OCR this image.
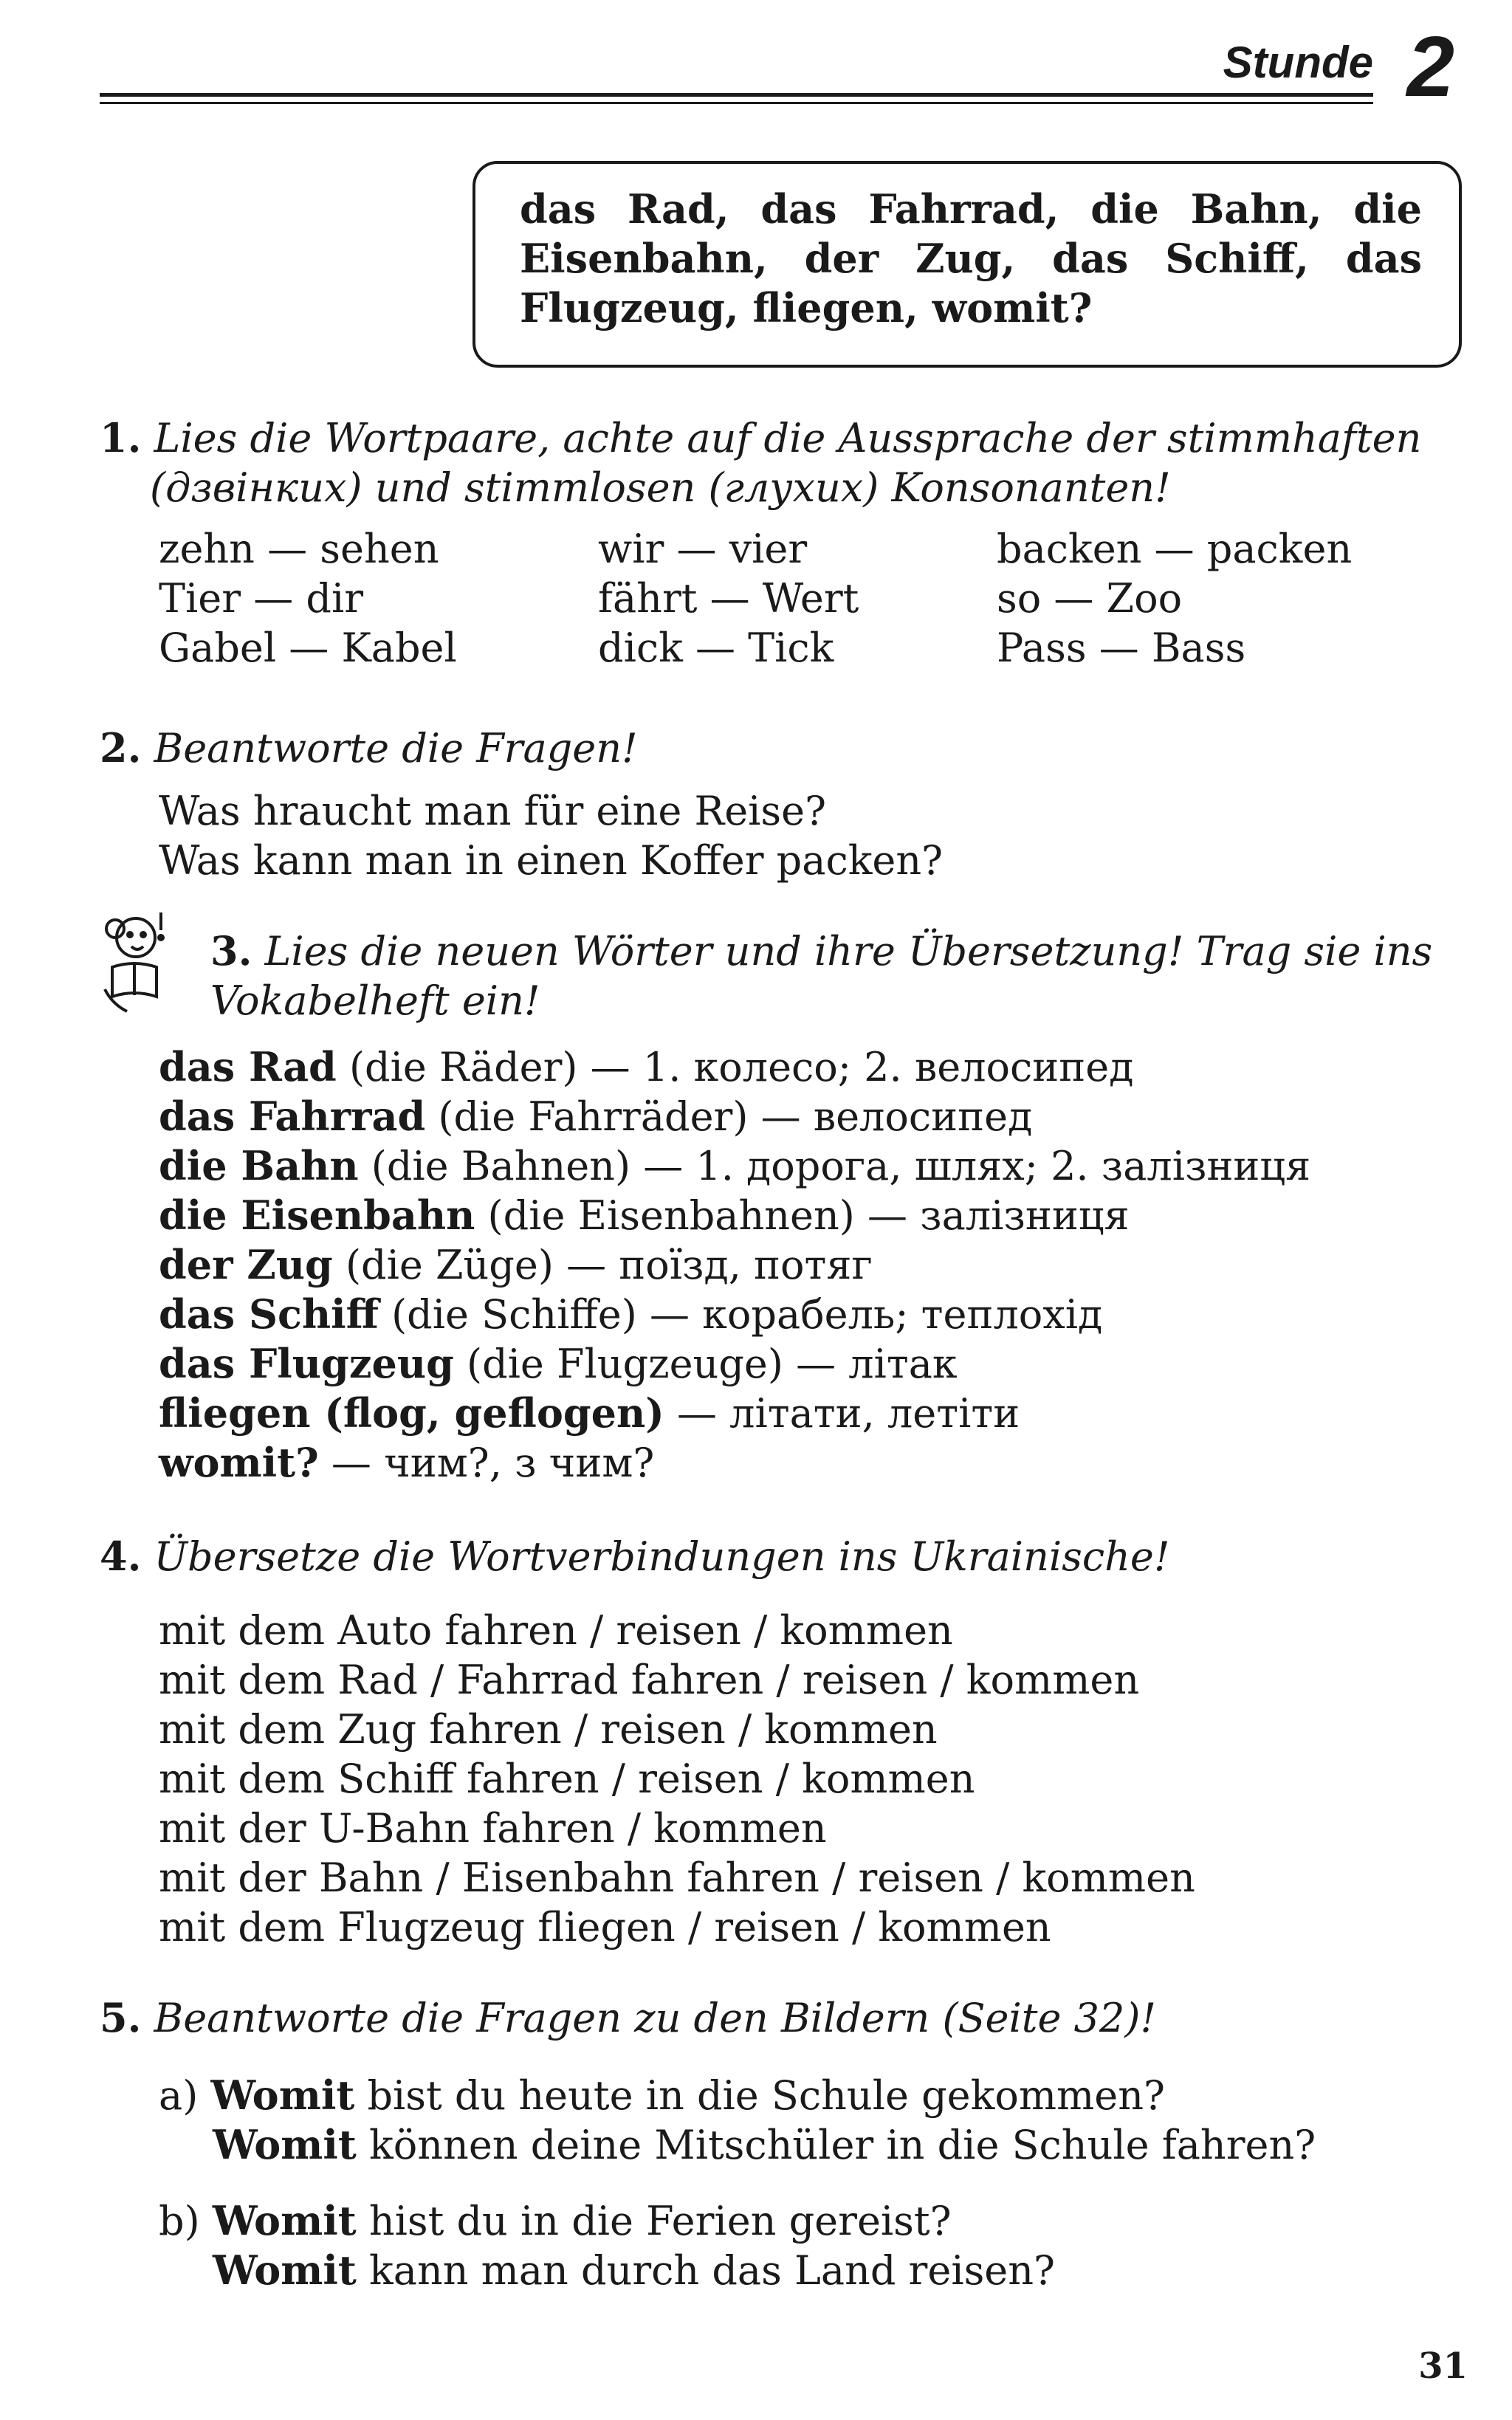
Stunde 2
das Rad, das Fahrrad, die Bahn, die
Eisenbahn, der Zug, das Schiff, das
Flugzeug, fliegen, womit?
1. Lies die Wortpaare, achte auf die Aussprache der stimmhaften
(дзвінких) und stimmlosen (глухих) Konsonanten!
zehn — sehen	wir — vier	backen — packen
Tier — dir	fährt — Wert	so — Zoo
Gabel — Kabel	dick — Tick	Pass — Bass
2. Beantworte die Fragen!
Was hraucht man für eine Reise?
Was kann man in einen Koffer packen?
3. Lies die neuen Wörter und ihre Übersetzung! Trag sie ins
Vokabelheft ein!
das Rad (die Räder) — 1. колесо; 2. велосипед
das Fahrrad (die Fahrräder) — велосипед
die Bahn (die Bahnen) — 1. дорога, шлях; 2. залізниця
die Eisenbahn (die Eisenbahnen) — залізниця
der Zug (die Züge) — поїзд, потяг
das Schiff (die Schiffe) — корабель; теплохід
das Flugzeug (die Flugzeuge) — літак
fliegen (flog, geflogen) — літати, летіти
womit? — чим?, з чим?
4. Übersetze die Wortverbindungen ins Ukrainische!
mit dem Auto fahren / reisen / kommen
mit dem Rad / Fahrrad fahren / reisen / kommen
mit dem Zug fahren / reisen / kommen
mit dem Schiff fahren / reisen / kommen
mit der U-Bahn fahren / kommen
mit der Bahn / Eisenbahn fahren / reisen / kommen
mit dem Flugzeug fliegen / reisen / kommen
5. Beantworte die Fragen zu den Bildern (Seite 32)!
a) Womit bist du heute in die Schule gekommen?
Womit können deine Mitschüler in die Schule fahren?
b) Womit hist du in die Ferien gereist?
Womit kann man durch das Land reisen?
31
